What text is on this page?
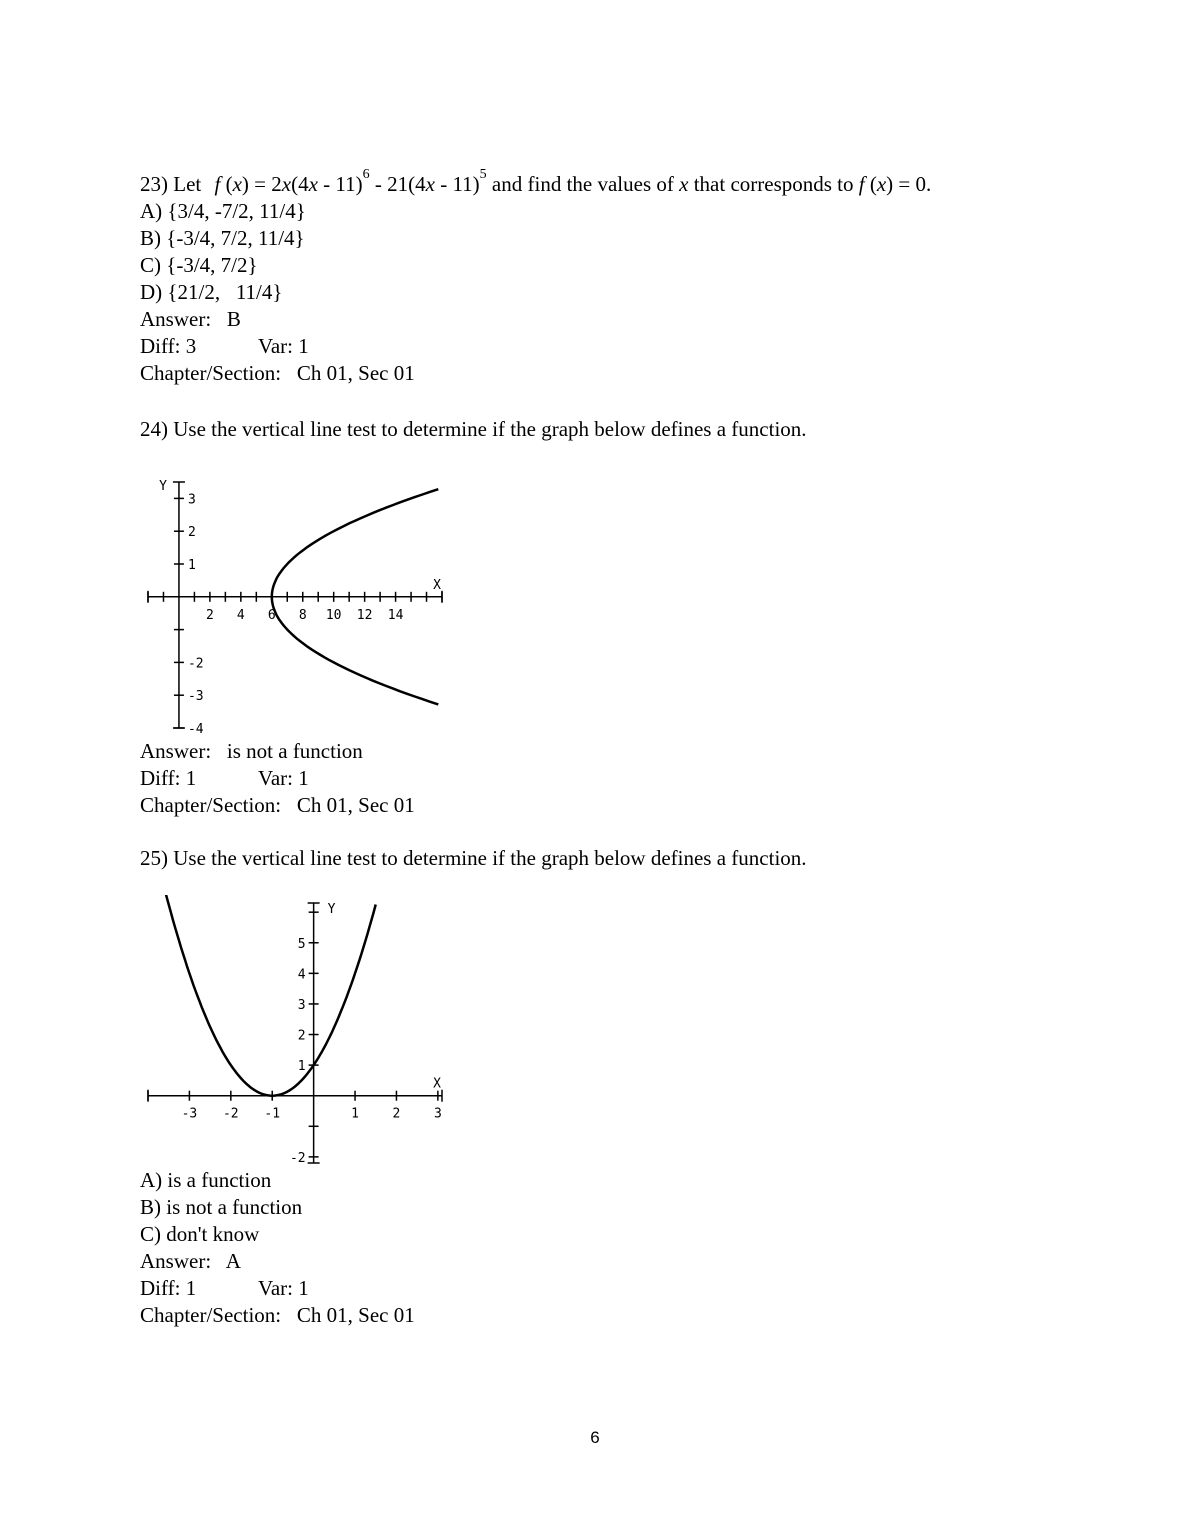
23) Let f (x) = 2x(4x - 11)$^6$ - 21(4x - 11)$^5$ and find the values of x that corresponds to f (x) = 0.
A) {3/4, -7/2, 11/4}
B) {-3/4, 7/2, 11/4}
C) {-3/4, 7/2}
D) {21/2,   11/4}
Answer:   B
Diff: 3	Var: 1
Chapter/Section:   Ch 01, Sec 01
24) Use the vertical line test to determine if the graph below defines a function.
2 4 6 8 10 12 14
3
2
1
-2
-3
-4
X
Y
Answer:   is not a function
Diff: 1	Var: 1
Chapter/Section:   Ch 01, Sec 01
25) Use the vertical line test to determine if the graph below defines a function.
-3 -2 -1	1	2	3
5
4
3
2
1
-2
X
Y
A) is a function
B) is not a function
C) don't know
Answer:   A
Diff: 1	Var: 1
Chapter/Section:   Ch 01, Sec 01
6
